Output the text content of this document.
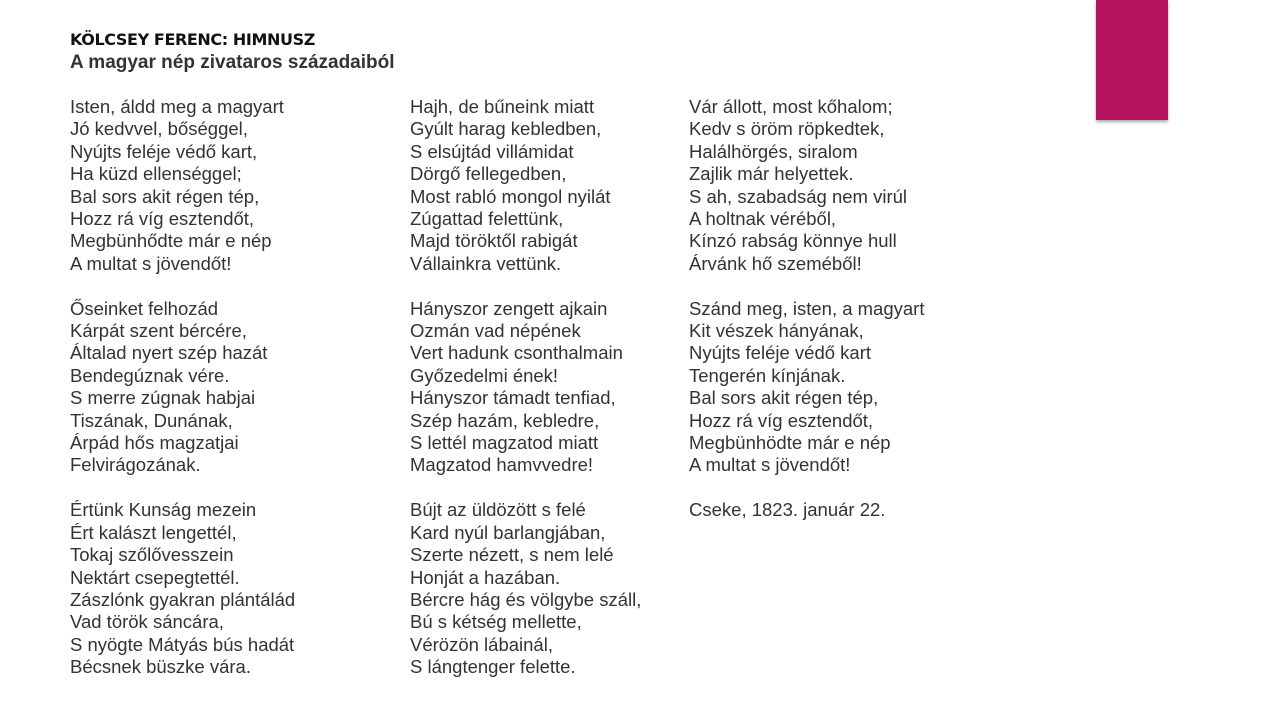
KÖLCSEY FERENC: HIMNUSZ
A magyar nép zivataros századaiból
Isten, áldd meg a magyart
Jó kedvvel, bőséggel,
Nyújts feléje védő kart,
Ha küzd ellenséggel;
Bal sors akit régen tép,
Hozz rá víg esztendőt,
Megbünhődte már e nép
A multat s jövendőt!
Őseinket felhozád
Kárpát szent bércére,
Általad nyert szép hazát
Bendegúznak vére.
S merre zúgnak habjai
Tiszának, Dunának,
Árpád hős magzatjai
Felvirágozának.
Értünk Kunság mezein
Ért kalászt lengettél,
Tokaj szőlővesszein
Nektárt csepegtettél.
Zászlónk gyakran plántálád
Vad török sáncára,
S nyögte Mátyás bús hadát
Bécsnek büszke vára.
Hajh, de bűneink miatt
Gyúlt harag kebledben,
S elsújtád villámidat
Dörgő fellegedben,
Most rabló mongol nyilát
Zúgattad felettünk,
Majd töröktől rabigát
Vállainkra vettünk.
Hányszor zengett ajkain
Ozmán vad népének
Vert hadunk csonthalmain
Győzedelmi ének!
Hányszor támadt tenfiad,
Szép hazám, kebledre,
S lettél magzatod miatt
Magzatod hamvvedre!
Bújt az üldözött s felé
Kard nyúl barlangjában,
Szerte nézett, s nem lelé
Honját a hazában.
Bércre hág és völgybe száll,
Bú s kétség mellette,
Vérözön lábainál,
S lángtenger felette.
Vár állott, most kőhalom;
Kedv s öröm röpkedtek,
Halálhörgés, siralom
Zajlik már helyettek.
S ah, szabadság nem virúl
A holtnak véréből,
Kínzó rabság könnye hull
Árvánk hő szeméből!
Szánd meg, isten, a magyart
Kit vészek hányának,
Nyújts feléje védő kart
Tengerén kínjának.
Bal sors akit régen tép,
Hozz rá víg esztendőt,
Megbünhödte már e nép
A multat s jövendőt!
Cseke, 1823. január 22.
